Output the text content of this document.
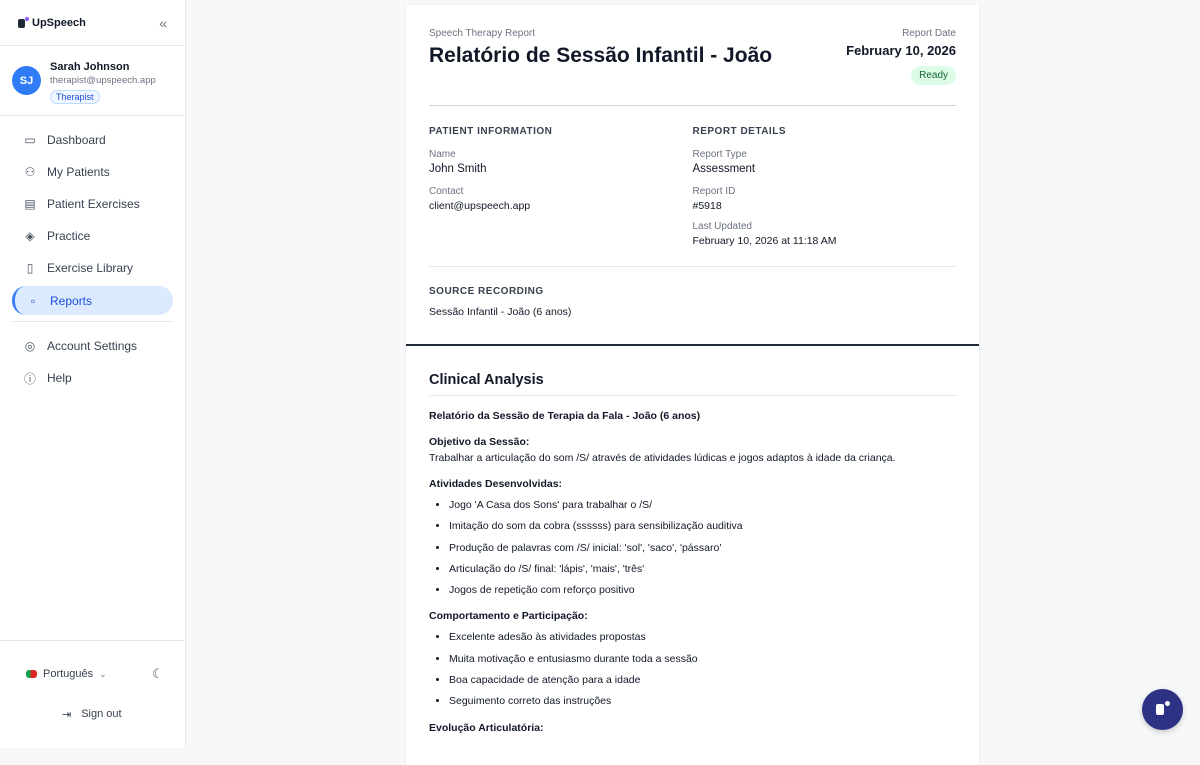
UpSpeech	«
SJ
Sarah Johnson
therapist@upspeech.app
Therapist
▭ Dashboard
⚇ My Patients
▤ Patient Exercises
◈ Practice
▯	Exercise Library
▫	Reports
◎ Account Settings
ⓘ Help
Português ⌄	☾
⇥ Sign out
Speech Therapy Report
Relatório de Sessão Infantil - João
Report Date
February 10, 2026
Ready
PATIENT INFORMATION
Name
John Smith
Contact
client@upspeech.app
REPORT DETAILS
Report Type
Assessment
Report ID
#5918
Last Updated
February 10, 2026 at 11:18 AM
SOURCE RECORDING
Sessão Infantil - João (6 anos)
Clinical Analysis
Relatório da Sessão de Terapia da Fala - João (6 anos)
Objetivo da Sessão:

Trabalhar a articulação do som /S/ através de atividades lúdicas e jogos adaptos à idade da criança.

Atividades Desenvolvidas:
• Jogo 'A Casa dos Sons' para trabalhar o /S/
• Imitação do som da cobra (ssssss) para sensibilização auditiva
• Produção de palavras com /S/ inicial: 'sol', 'saco', 'pássaro'
• Articulação do /S/ final: 'lápis', 'mais', 'três'
• Jogos de repetição com reforço positivo
Comportamento e Participação:
• Excelente adesão às atividades propostas
• Muita motivação e entusiasmo durante toda a sessão
• Boa capacidade de atenção para a idade
• Seguimento correto das instruções
Evolução Articulatória:
